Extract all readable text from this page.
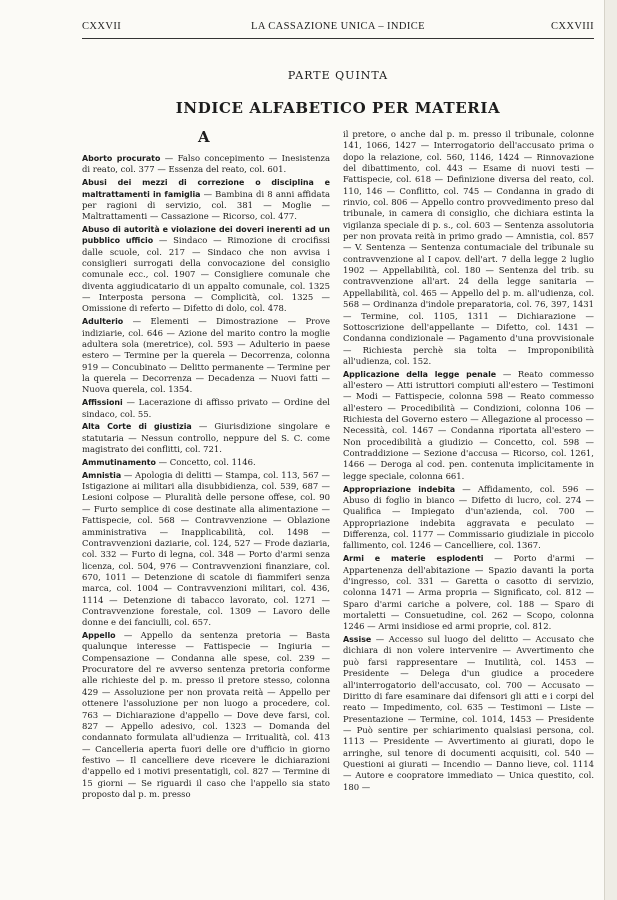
CXXVII	LA CASSAZIONE UNICA – INDICE	CXXVIII
PARTE QUINTA
INDICE ALFABETICO PER MATERIA
A

Aborto procurato — Falso concepimento — Inesistenza di reato, col. 377 — Essenza del reato, col. 601.

Abusi dei mezzi di correzione o disciplina e maltrattamenti in famiglia — Bambina di 8 anni affidata per ragioni di servizio, col. 381 — Moglie — Maltrattamenti — Cassazione — Ricorso, col. 477.

Abuso di autorità e violazione dei doveri inerenti ad un pubblico ufficio — Sindaco — Rimozione di crocifissi dalle scuole, col. 217 — Sindaco che non avvisa i consiglieri surrogati della convocazione del consiglio comunale ecc., col. 1907 — Consigliere comunale che diventa aggiudicatario di un appalto comunale, col. 1325 — Interposta persona — Complicità, col. 1325 — Omissione di referto — Difetto di dolo, col. 478.

Adulterio — Elementi — Dimostrazione — Prove indiziarie, col. 646 — Azione del marito contro la moglie adultera sola (meretrice), col. 593 — Adulterio in paese estero — Termine per la querela — Decorrenza, colonna 919 — Concubinato — Delitto permanente — Termine per la querela — Decorrenza — Decadenza — Nuovi fatti — Nuova querela, col. 1354.

Affissioni — Lacerazione di affisso privato — Ordine del sindaco, col. 55.

Alta Corte di giustizia — Giurisdizione singolare e statutaria — Nessun controllo, neppure del S. C. come magistrato dei conflitti, col. 721.

Ammutinamento — Concetto, col. 1146.

Amnistia — Apologia di delitti — Stampa, col. 113, 567 — Istigazione ai militari alla disubbidienza, col. 539, 687 — Lesioni colpose — Pluralità delle persone offese, col. 90 — Furto semplice di cose destinate alla alimentazione — Fattispecie, col. 568 — Contravvenzione — Oblazione amministrativa — Inapplicabilità, col. 1498 — Contravvenzioni daziarie, col. 124, 527 — Frode daziaria, col. 332 — Furto di legna, col. 348 — Porto d'armi senza licenza, col. 504, 976 — Contravvenzioni finanziare, col. 670, 1011 — Detenzione di scatole di fiammiferi senza marca, col. 1004 — Contravvenzioni militari, col. 436, 1114 — Detenzione di tabacco lavorato, col. 1271 — Contravvenzione forestale, col. 1309 — Lavoro delle donne e dei fanciulli, col. 657.

Appello — Appello da sentenza pretoria — Basta qualunque interesse — Fattispecie — Ingiuria — Compensazione — Condanna alle spese, col. 239 — Procuratore del re avverso sentenza pretoria conforme alle richieste del p. m. presso il pretore stesso, colonna 429 — Assoluzione per non provata reità — Appello per ottenere l'assoluzione per non luogo a procedere, col. 763 — Dichiarazione d'appello — Dove deve farsi, col. 827 — Appello adesivo, col. 1323 — Domanda del condannato formulata all'udienza — Irritualità, col. 413 — Cancelleria aperta fuori delle ore d'ufficio in giorno festivo — Il cancelliere deve ricevere le dichiarazioni d'appello ed i motivi presentatigli, col. 827 — Termine di 15 giorni — Se riguardi il caso che l'appello sia stato proposto dal p. m. presso

il pretore, o anche dal p. m. presso il tribunale, colonne 141, 1066, 1427 — Interrogatorio dell'accusato prima o dopo la relazione, col. 560, 1146, 1424 — Rinnovazione del dibattimento, col. 443 — Esame di nuovi testi — Fattispecie, col. 618 — Definizione diversa del reato, col. 110, 146 — Conflitto, col. 745 — Condanna in grado di rinvio, col. 806 — Appello contro provvedimento preso dal tribunale, in camera di consiglio, che dichiara estinta la vigilanza speciale di p. s., col. 603 — Sentenza assolutoria per non provata reità in primo grado — Amnistia, col. 857 — V. Sentenza — Sentenza contumaciale del tribunale su contravvenzione al I capov. dell'art. 7 della legge 2 luglio 1902 — Appellabilità, col. 180 — Sentenza del trib. su contravvenzione all'art. 24 della legge sanitaria — Appellabilità, col. 465 — Appello del p. m. all'udienza, col. 568 — Ordinanza d'indole preparatoria, col. 76, 397, 1431 — Termine, col. 1105, 1311 — Dichiarazione — Sottoscrizione dell'appellante — Difetto, col. 1431 — Condanna condizionale — Pagamento d'una provvisionale — Richiesta perchè sia tolta — Improponibilità all'udienza, col. 152.

Applicazione della legge penale — Reato commesso all'estero — Atti istruttori compiuti all'estero — Testimoni — Modi — Fattispecie, colonna 598 — Reato commesso all'estero — Procedibilità — Condizioni, colonna 106 — Richiesta del Governo estero — Allegazione al processo — Necessità, col. 1467 — Condanna riportata all'estero — Non procedibilità a giudizio — Concetto, col. 598 — Contraddizione — Sezione d'accusa — Ricorso, col. 1261, 1466 — Deroga al cod. pen. contenuta implicitamente in legge speciale, colonna 661.

Appropriazione indebita — Affidamento, col. 596 — Abuso di foglio in bianco — Difetto di lucro, col. 274 — Qualifica — Impiegato d'un'azienda, col. 700 — Appropriazione indebita aggravata e peculato — Differenza, col. 1177 — Commissario giudiziale in piccolo fallimento, col. 1246 — Cancelliere, col. 1367.

Armi e materie esplodenti — Porto d'armi — Appartenenza dell'abitazione — Spazio davanti la porta d'ingresso, col. 331 — Garetta o casotto di servizio, colonna 1471 — Arma propria — Significato, col. 812 — Sparo d'armi cariche a polvere, col. 188 — Sparo di mortaletti — Consuetudine, col. 262 — Scopo, colonna 1246 — Armi insidiose ed armi proprie, col. 812.

Assise — Accesso sul luogo del delitto — Accusato che dichiara di non volere intervenire — Avvertimento che può farsi rappresentare — Inutilità, col. 1453 — Presidente — Delega d'un giudice a procedere all'interrogatorio dell'accusato, col. 700 — Accusato — Diritto di fare esaminare dai difensori gli atti e i corpi del reato — Impedimento, col. 635 — Testimoni — Liste — Presentazione — Termine, col. 1014, 1453 — Presidente — Può sentire per schiarimento qualsiasi persona, col. 1113 — Presidente — Avvertimento ai giurati, dopo le arringhe, sul tenore di documenti acquisiti, col. 540 — Questioni ai giurati — Incendio — Danno lieve, col. 1114 — Autore e coopratore immediato — Unica questito, col. 180 —
